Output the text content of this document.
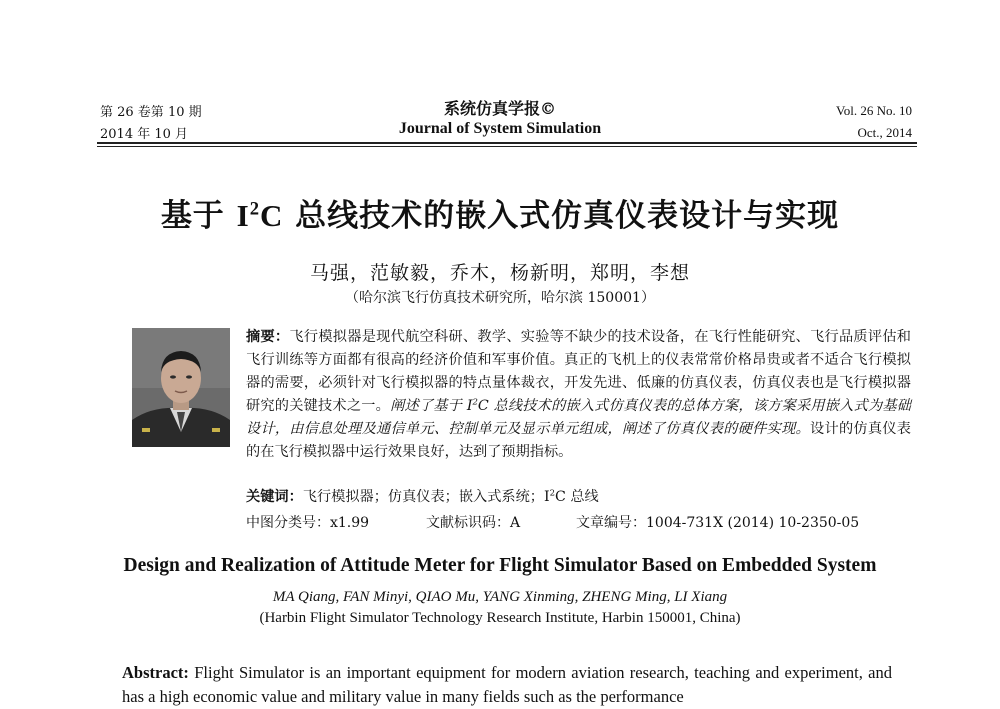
第 26 卷第 10 期
2014 年 10 月
系统仿真学报©
Journal of System Simulation
Vol. 26 No. 10
Oct., 2014
基于 $I^2C$ 总线技术的嵌入式仿真仪表设计与实现
马强，范敏毅，乔木，杨新明，郑明，李想
（哈尔滨飞行仿真技术研究所，哈尔滨 150001）
摘要：飞行模拟器是现代航空科研、教学、实验等不缺少的技术设备，在飞行性能研究、飞行品质评估和飞行训练等方面都有很高的经济价值和军事价值。真正的飞机上的仪表常常价格昂贵或者不适合飞行模拟器的需要，必须针对飞行模拟器的特点量体裁衣，开发先进、低廉的仿真仪表，仿真仪表也是飞行模拟器研究的关键技术之一。阐述了基于 $I^2C$ 总线技术的嵌入式仿真仪表的总体方案，该方案采用嵌入式为基础设计，由信息处理及通信单元、控制单元及显示单元组成，阐述了仿真仪表的硬件实现。设计的仿真仪表的在飞行模拟器中运行效果良好，达到了预期指标。
关键词：飞行模拟器；仿真仪表；嵌入式系统；$I^2C$ 总线
中图分类号：x1.99	文献标识码：A	文章编号：1004-731X (2014) 10-2350-05
Design and Realization of Attitude Meter for Flight Simulator Based on Embedded System
MA Qiang, FAN Minyi, QIAO Mu, YANG Xinming, ZHENG Ming, LI Xiang
(Harbin Flight Simulator Technology Research Institute, Harbin 150001, China)
Abstract: Flight Simulator is an important equipment for modern aviation research, teaching and experiment, and has a high economic value and military value in many fields such as the performance
